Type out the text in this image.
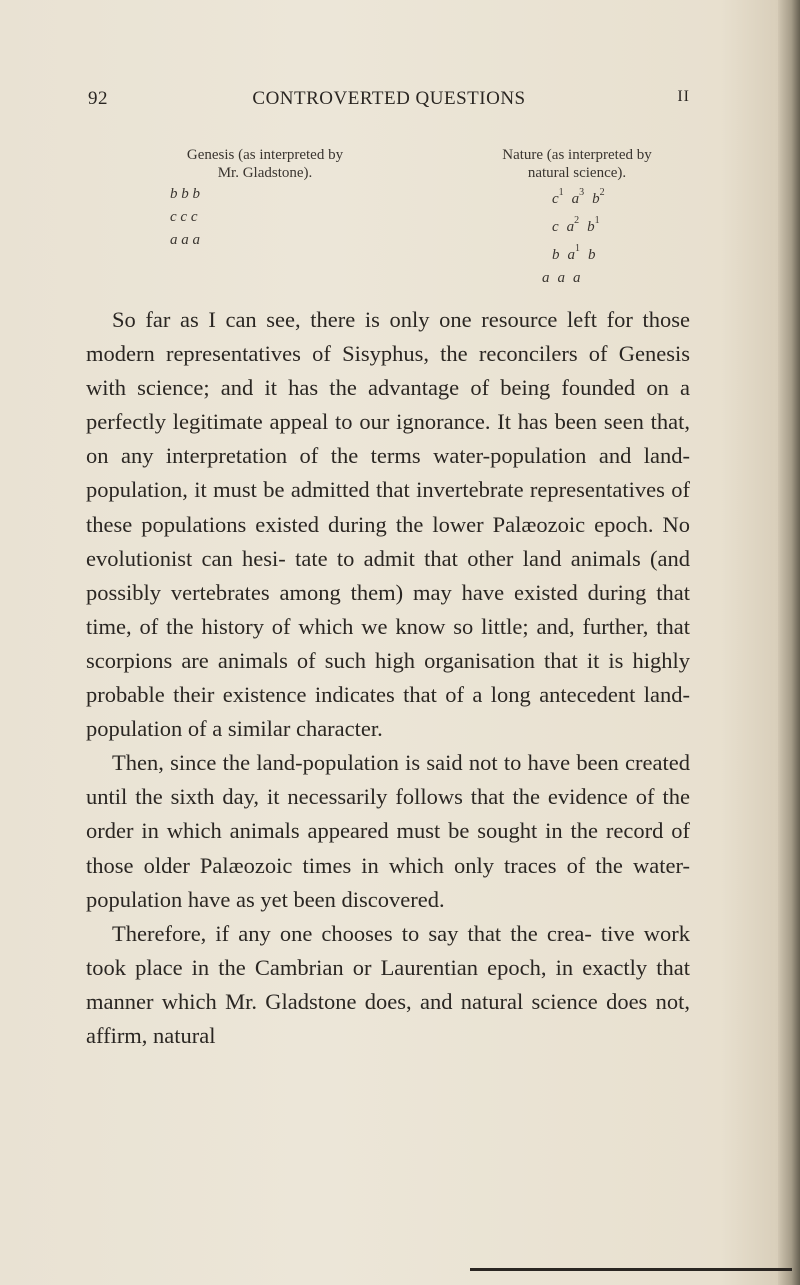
92	CONTROVERTED QUESTIONS	II
Genesis (as interpreted by
Mr. Gladstone).
b b b
c c c
a a a
Nature (as interpreted by
natural science).
$c^1$ $a^3$ $b^2$
c $a^2$ $b^1$
b $a^1$ b
a a a

So far as I can see, there is only one resource left for those modern representatives of Sisyphus, the reconcilers of Genesis with science; and it has the advantage of being founded on a perfectly legitimate appeal to our ignorance. It has been seen that, on any interpretation of the terms water-population and land-population, it must be admitted that invertebrate representatives of these populations existed during the lower Palæozoic epoch. No evolutionist can hesi- tate to admit that other land animals (and possibly vertebrates among them) may have existed during that time, of the history of which we know so little; and, further, that scorpions are animals of such high organisation that it is highly probable their existence indicates that of a long antecedent land-population of a similar character.

Then, since the land-population is said not to have been created until the sixth day, it necessarily follows that the evidence of the order in which animals appeared must be sought in the record of those older Palæozoic times in which only traces of the water- population have as yet been discovered.

Therefore, if any one chooses to say that the crea- tive work took place in the Cambrian or Laurentian epoch, in exactly that manner which Mr. Gladstone does, and natural science does not, affirm, natural
